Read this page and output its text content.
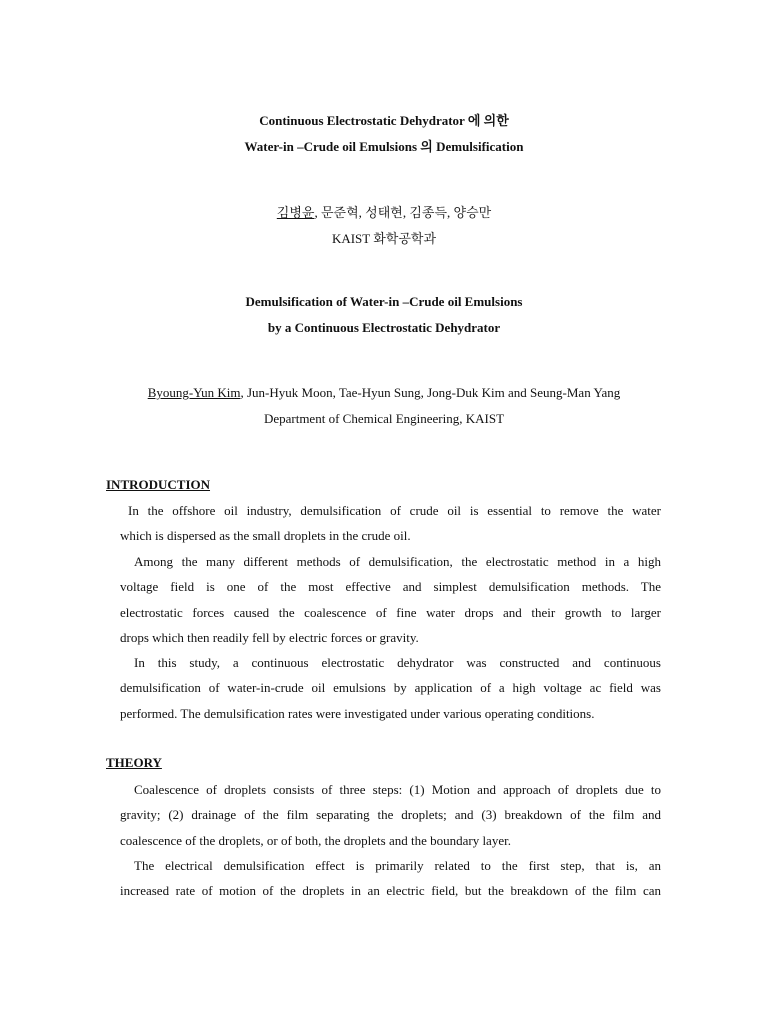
Continuous Electrostatic Dehydrator 에 의한
Water-in –Crude oil Emulsions 의 Demulsification
김병윤, 문준혁, 성태현, 김종득, 양승만
KAIST 화학공학과
Demulsification of Water-in –Crude oil Emulsions
by a Continuous Electrostatic Dehydrator
Byoung-Yun Kim, Jun-Hyuk Moon, Tae-Hyun Sung, Jong-Duk Kim and Seung-Man Yang
Department of Chemical Engineering, KAIST
INTRODUCTION
In the offshore oil industry, demulsification of crude oil is essential to remove the water
which is dispersed as the small droplets in the crude oil.
Among the many different methods of demulsification, the electrostatic method in a high
voltage field is one of the most effective and simplest demulsification methods. The
electrostatic forces caused the coalescence of fine water drops and their growth to larger
drops which then readily fell by electric forces or gravity.
In this study, a continuous electrostatic dehydrator was constructed and continuous
demulsification of water-in-crude oil emulsions by application of a high voltage ac field was
performed. The demulsification rates were investigated under various operating conditions.
THEORY
Coalescence of droplets consists of three steps: (1) Motion and approach of droplets due to
gravity; (2) drainage of the film separating the droplets; and (3) breakdown of the film and
coalescence of the droplets, or of both, the droplets and the boundary layer.
The electrical demulsification effect is primarily related to the first step, that is, an
increased rate of motion of the droplets in an electric field, but the breakdown of the film can
